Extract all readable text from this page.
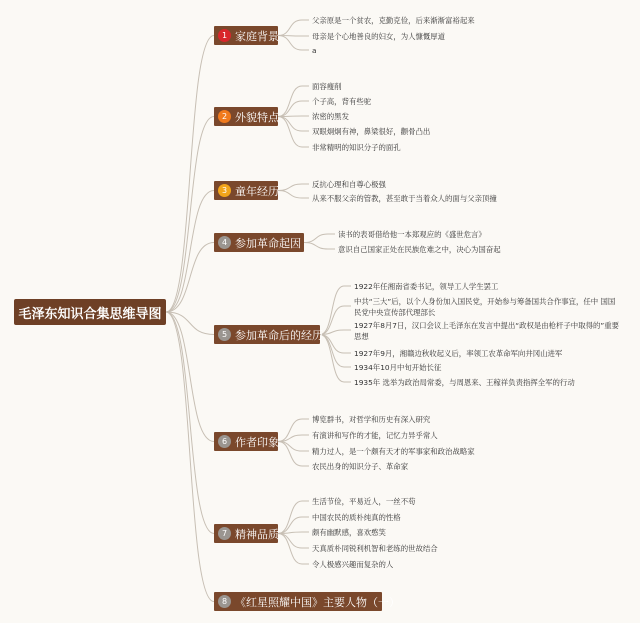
毛泽东知识合集思维导图
1 家庭背景
父亲原是一个贫农，克勤克俭，后来渐渐富裕起来
母亲是个心地善良的妇女，为人慷慨厚道
a
2 外貌特点
面容瘦削
个子高，背有些驼
浓密的黑发
双眼炯炯有神，鼻梁很好，颧骨凸出
非常精明的知识分子的面孔
3 童年经历
反抗心理和自尊心极强
从来不服父亲的管教，甚至敢于当着众人的面与父亲顶撞
4 参加革命起因
读书的表哥借给他一本郑观应的《盛世危言》
意识自己国家正处在民族危难之中，决心为国奋起
5 参加革命后的经历
1922年任湘南省委书记，领导工人学生罢工
中共“三大”后，以个人身份加入国民党，开始参与筹备国共合作事宜，任中 国国民党中央宣传部代理部长
1927年8月7日，汉口会议上毛泽东在发言中提出“政权是由枪杆子中取得的”重要思想
1927年9月，湘赣边秋收起义后，率领工农革命军向井冈山进军
1934年10月中旬开始长征
1935年 选举为政治局常委，与周恩来、王稼祥负责指挥全军的行动
6 作者印象
博览群书，对哲学和历史有深入研究
有演讲和写作的才能，记忆力异乎常人
精力过人，是一个颇有天才的军事家和政治战略家
农民出身的知识分子、革命家
7 精神品质
生活节俭，平易近人，一丝不苟
中国农民的质朴纯真的性格
颇有幽默感，喜欢憨笑
天真质朴同锐利机智和老练的世故结合
令人极感兴趣而复杂的人
8 《红星照耀中国》主要人物（一）
